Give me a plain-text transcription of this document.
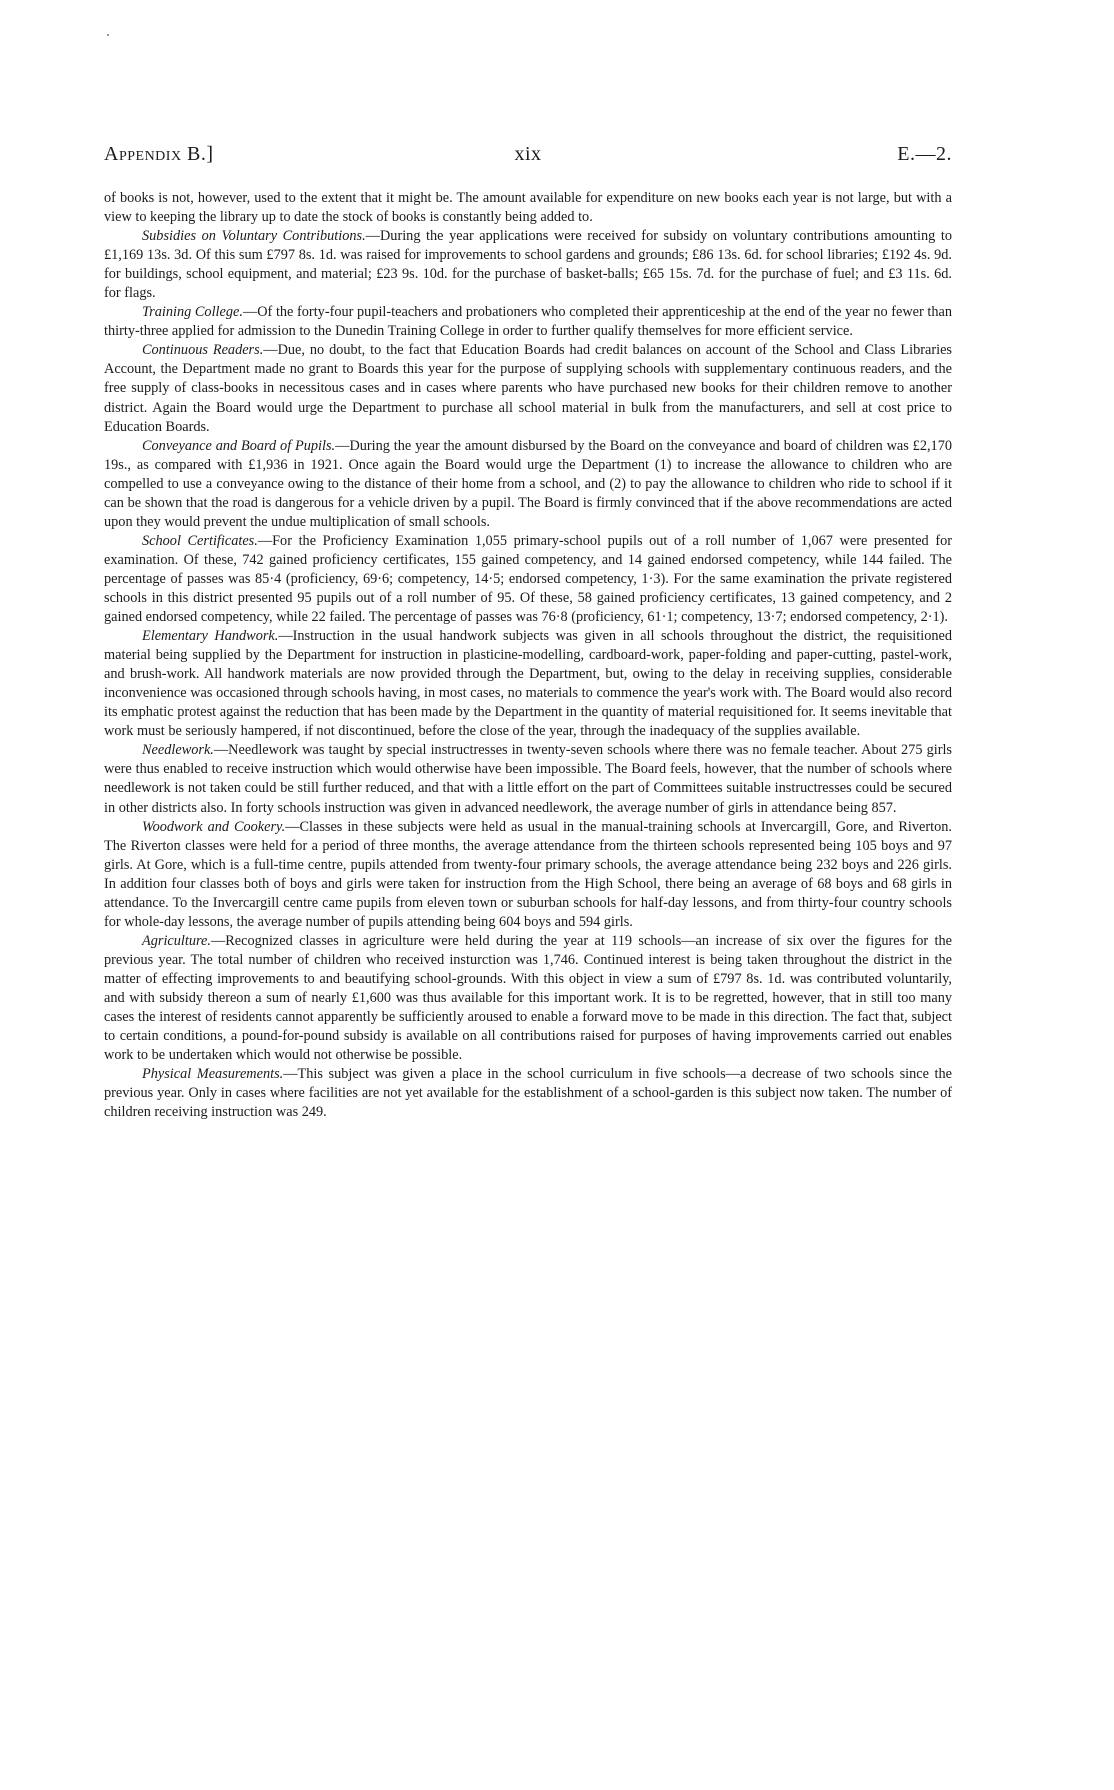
Appendix B.]	xix	E.—2.

of books is not, however, used to the extent that it might be. The amount available for expenditure on new books each year is not large, but with a view to keeping the library up to date the stock of books is constantly being added to.

Subsidies on Voluntary Contributions.—During the year applications were received for subsidy on voluntary contributions amounting to £1,169 13s. 3d. Of this sum £797 8s. 1d. was raised for improvements to school gardens and grounds; £86 13s. 6d. for school libraries; £192 4s. 9d. for buildings, school equipment, and material; £23 9s. 10d. for the purchase of basket-balls; £65 15s. 7d. for the purchase of fuel; and £3 11s. 6d. for flags.

Training College.—Of the forty-four pupil-teachers and probationers who completed their apprenticeship at the end of the year no fewer than thirty-three applied for admission to the Dunedin Training College in order to further qualify themselves for more efficient service.

Continuous Readers.—Due, no doubt, to the fact that Education Boards had credit balances on account of the School and Class Libraries Account, the Department made no grant to Boards this year for the purpose of supplying schools with supplementary continuous readers, and the free supply of class-books in necessitous cases and in cases where parents who have purchased new books for their children remove to another district. Again the Board would urge the Department to purchase all school material in bulk from the manufacturers, and sell at cost price to Education Boards.

Conveyance and Board of Pupils.—During the year the amount disbursed by the Board on the conveyance and board of children was £2,170 19s., as compared with £1,936 in 1921. Once again the Board would urge the Department (1) to increase the allowance to children who are compelled to use a conveyance owing to the distance of their home from a school, and (2) to pay the allowance to children who ride to school if it can be shown that the road is dangerous for a vehicle driven by a pupil. The Board is firmly convinced that if the above recommendations are acted upon they would prevent the undue multiplication of small schools.

School Certificates.—For the Proficiency Examination 1,055 primary-school pupils out of a roll number of 1,067 were presented for examination. Of these, 742 gained proficiency certificates, 155 gained competency, and 14 gained endorsed competency, while 144 failed. The percentage of passes was 85·4 (proficiency, 69·6; competency, 14·5; endorsed competency, 1·3). For the same examination the private registered schools in this district presented 95 pupils out of a roll number of 95. Of these, 58 gained proficiency certificates, 13 gained competency, and 2 gained endorsed competency, while 22 failed. The percentage of passes was 76·8 (proficiency, 61·1; competency, 13·7; endorsed competency, 2·1).

Elementary Handwork.—Instruction in the usual handwork subjects was given in all schools throughout the district, the requisitioned material being supplied by the Department for instruction in plasticine-modelling, cardboard-work, paper-folding and paper-cutting, pastel-work, and brush-work. All handwork materials are now provided through the Department, but, owing to the delay in receiving supplies, considerable inconvenience was occasioned through schools having, in most cases, no materials to commence the year's work with. The Board would also record its emphatic protest against the reduction that has been made by the Department in the quantity of material requisitioned for. It seems inevitable that work must be seriously hampered, if not discontinued, before the close of the year, through the inadequacy of the supplies available.

Needlework.—Needlework was taught by special instructresses in twenty-seven schools where there was no female teacher. About 275 girls were thus enabled to receive instruction which would otherwise have been impossible. The Board feels, however, that the number of schools where needlework is not taken could be still further reduced, and that with a little effort on the part of Committees suitable instructresses could be secured in other districts also. In forty schools instruction was given in advanced needlework, the average number of girls in attendance being 857.

Woodwork and Cookery.—Classes in these subjects were held as usual in the manual-training schools at Invercargill, Gore, and Riverton. The Riverton classes were held for a period of three months, the average attendance from the thirteen schools represented being 105 boys and 97 girls. At Gore, which is a full-time centre, pupils attended from twenty-four primary schools, the average attendance being 232 boys and 226 girls. In addition four classes both of boys and girls were taken for instruction from the High School, there being an average of 68 boys and 68 girls in attendance. To the Invercargill centre came pupils from eleven town or suburban schools for half-day lessons, and from thirty-four country schools for whole-day lessons, the average number of pupils attending being 604 boys and 594 girls.

Agriculture.—Recognized classes in agriculture were held during the year at 119 schools—an increase of six over the figures for the previous year. The total number of children who received insturction was 1,746. Continued interest is being taken throughout the district in the matter of effecting improvements to and beautifying school-grounds. With this object in view a sum of £797 8s. 1d. was contributed voluntarily, and with subsidy thereon a sum of nearly £1,600 was thus available for this important work. It is to be regretted, however, that in still too many cases the interest of residents cannot apparently be sufficiently aroused to enable a forward move to be made in this direction. The fact that, subject to certain conditions, a pound-for-pound subsidy is available on all contributions raised for purposes of having improvements carried out enables work to be undertaken which would not otherwise be possible.

Physical Measurements.—This subject was given a place in the school curriculum in five schools—a decrease of two schools since the previous year. Only in cases where facilities are not yet available for the establishment of a school-garden is this subject now taken. The number of children receiving instruction was 249.
